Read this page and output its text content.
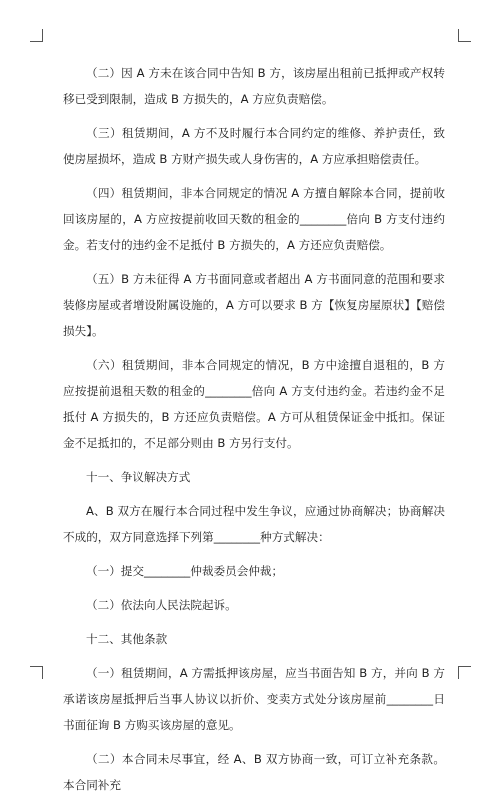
（二）因 A 方未在该合同中告知 B 方，该房屋出租前已抵押或产权转移已受到限制，造成 B 方损失的，A 方应负责赔偿。

（三）租赁期间，A 方不及时履行本合同约定的维修、养护责任，致使房屋损坏，造成 B 方财产损失或人身伤害的，A 方应承担赔偿责任。

（四）租赁期间，非本合同规定的情况 A 方擅自解除本合同，提前收回该房屋的，A 方应按提前收回天数的租金的________倍向 B 方支付违约金。若支付的违约金不足抵付 B 方损失的，A 方还应负责赔偿。

（五）B 方未征得 A 方书面同意或者超出 A 方书面同意的范围和要求装修房屋或者增设附属设施的，A 方可以要求 B 方【恢复房屋原状】【赔偿损失】。

（六）租赁期间，非本合同规定的情况，B 方中途擅自退租的，B 方应按提前退租天数的租金的________倍向 A 方支付违约金。若违约金不足抵付 A 方损失的，B 方还应负责赔偿。A 方可从租赁保证金中抵扣。保证金不足抵扣的，不足部分则由 B 方另行支付。

十一、争议解决方式

A、B 双方在履行本合同过程中发生争议，应通过协商解决；协商解决不成的，双方同意选择下列第________种方式解决：

（一）提交________仲裁委员会仲裁；

（二）依法向人民法院起诉。

十二、其他条款

（一）租赁期间，A 方需抵押该房屋，应当书面告知 B 方，并向 B 方承诺该房屋抵押后当事人协议以折价、变卖方式处分该房屋前________日书面征询 B 方购买该房屋的意见。

（二）本合同未尽事宜，经 A、B 双方协商一致，可订立补充条款。本合同补充
